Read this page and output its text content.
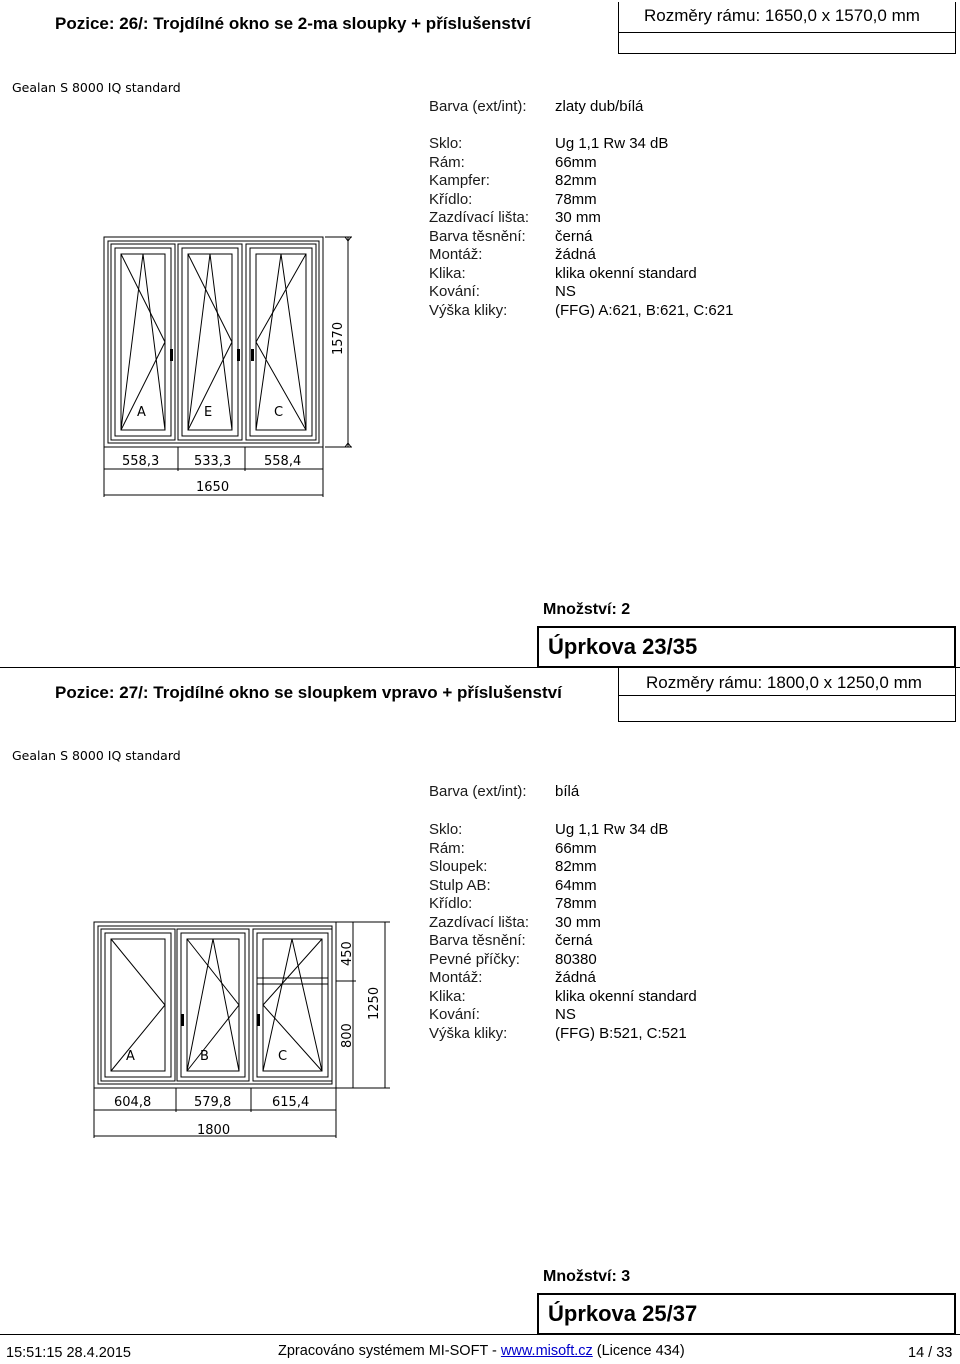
Pozice: 26/: Trojdílné okno se 2-ma sloupky + příslušenství	Rozměry rámu: 1650,0 x 1570,0 mm
Gealan S 8000 IQ standard
Barva (ext/int):	zlaty dub/bílá
Sklo:	Ug 1,1 Rw 34 dB
Rám:	66mm
Kampfer:	82mm
Křídlo:	78mm
Zazdívací lišta:	30 mm
Barva těsnění:	černá
Montáž:	žádná
Klika:	klika okenní standard
Kování:	NS
Výška kliky:	(FFG) A:621, B:621, C:621
A	E	C
1570
558,3	533,3	558,4
1650
Množství: 2
Úprkova 23/35
Pozice: 27/: Trojdílné okno se sloupkem vpravo + příslušenství
Rozměry rámu: 1800,0 x 1250,0 mm
Gealan S 8000 IQ standard
Barva (ext/int):	bílá
Sklo:	Ug 1,1 Rw 34 dB
Rám:	66mm
Sloupek:	82mm
Stulp AB:	64mm
Křídlo:	78mm
Zazdívací lišta:	30 mm
Barva těsnění:	černá
Pevné příčky:	80380
Montáž:	žádná
Klika:	klika okenní standard
Kování:	NS
Výška kliky:	(FFG) B:521, C:521
A	B	C
450
800
1250
604,8	579,8	615,4
1800
Množství: 3
Úprkova 25/37
15:51:15 28.4.2015	Zpracováno systémem MI-SOFT - www.misoft.cz (Licence 434)	14 / 33
